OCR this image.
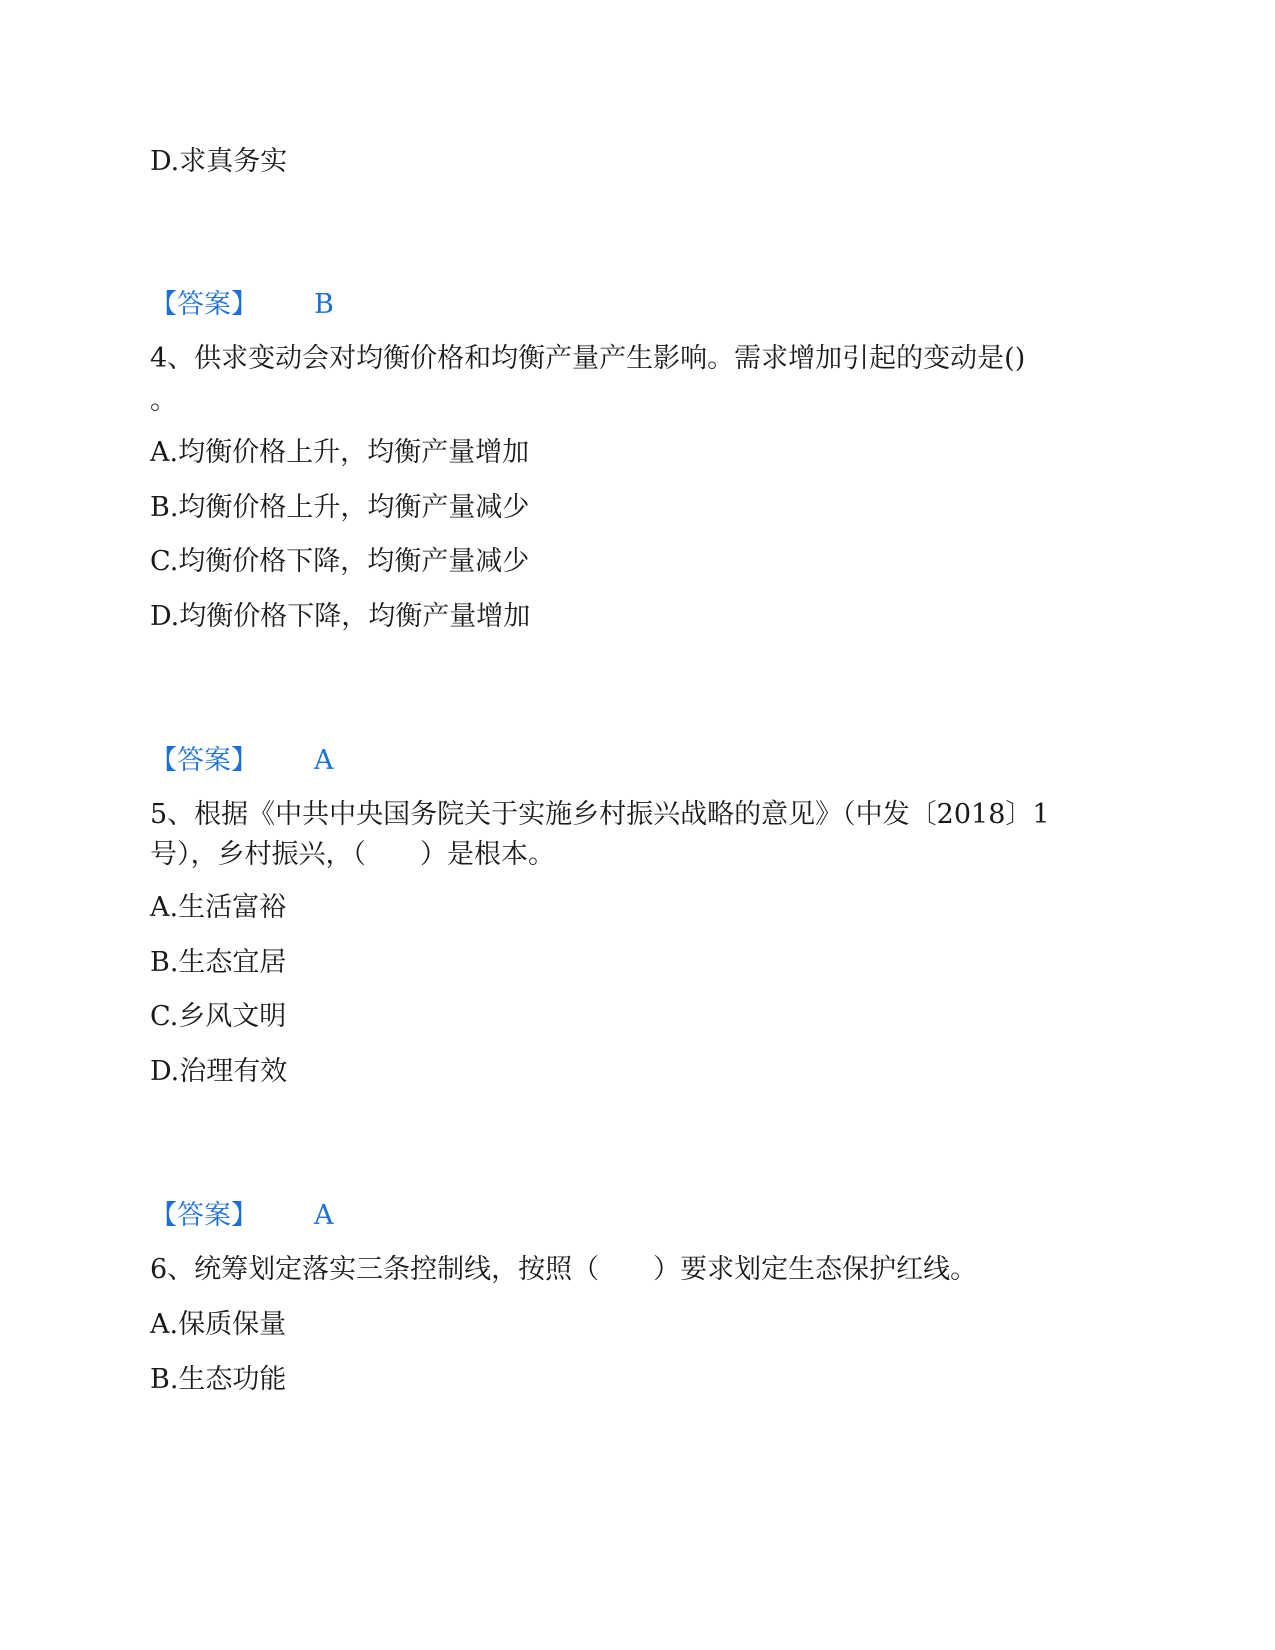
D.求真务实
【答案】 B
4、供求变动会对均衡价格和均衡产量产生影响。需求增加引起的变动是()
。
A.均衡价格上升，均衡产量增加
B.均衡价格上升，均衡产量减少
C.均衡价格下降，均衡产量减少
D.均衡价格下降，均衡产量增加
【答案】 A
5、根据《中共中央国务院关于实施乡村振兴战略的意见》（中发〔2018〕1
号），乡村振兴，（　　）是根本。
A.生活富裕
B.生态宜居
C.乡风文明
D.治理有效
【答案】 A
6、统筹划定落实三条控制线，按照（　　）要求划定生态保护红线。
A.保质保量
B.生态功能
